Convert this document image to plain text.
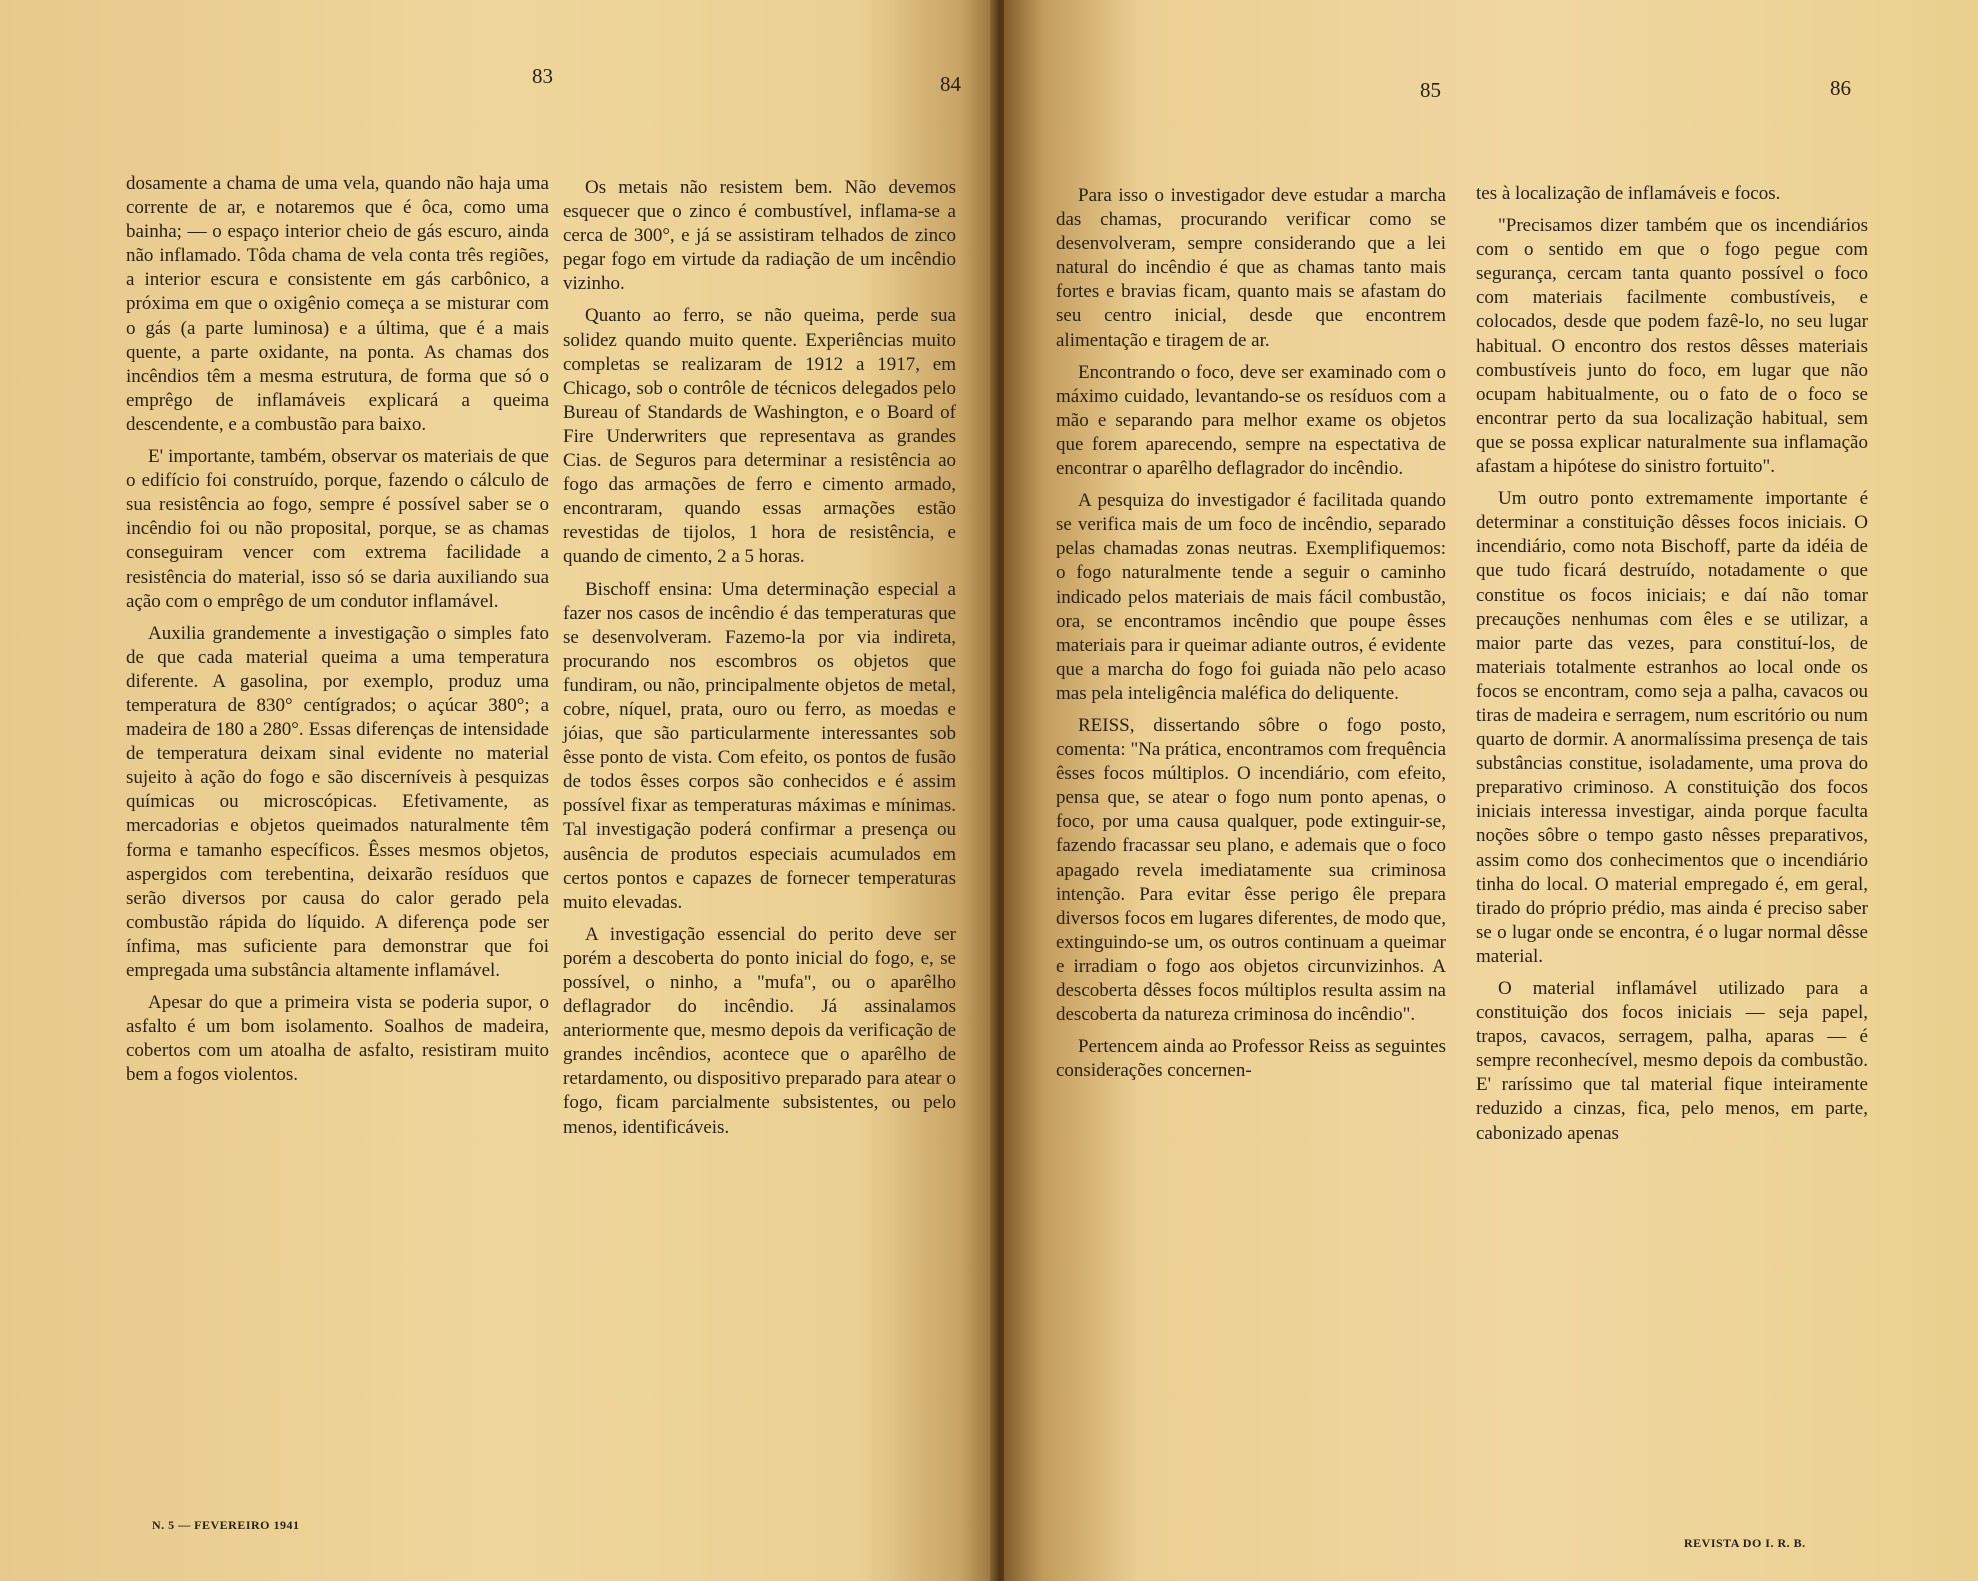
83	84

dosamente a chama de uma vela, quando não haja uma corrente de ar, e notaremos que é ôca, como uma bainha; — o espaço interior cheio de gás escuro, ainda não inflamado. Tôda chama de vela conta três regiões, a interior escura e consistente em gás carbônico, a próxima em que o oxigênio começa a se misturar com o gás (a parte luminosa) e a última, que é a mais quente, a parte oxidante, na ponta. As chamas dos incêndios têm a mesma estrutura, de forma que só o emprêgo de inflamáveis explicará a queima descendente, e a combustão para baixo.

E' importante, também, observar os materiais de que o edifício foi construído, porque, fazendo o cálculo de sua resistência ao fogo, sempre é possível saber se o incêndio foi ou não proposital, porque, se as chamas conseguiram vencer com extrema facilidade a resistência do material, isso só se daria auxiliando sua ação com o emprêgo de um condutor inflamável.

Auxilia grandemente a investigação o simples fato de que cada material queima a uma temperatura diferente. A gasolina, por exemplo, produz uma temperatura de 830° centígrados; o açúcar 380°; a madeira de 180 a 280°. Essas diferenças de intensidade de temperatura deixam sinal evidente no material sujeito à ação do fogo e são discerníveis à pesquizas químicas ou microscópicas. Efetivamente, as mercadorias e objetos queimados naturalmente têm forma e tamanho específicos. Êsses mesmos objetos, aspergidos com terebentina, deixarão resíduos que serão diversos por causa do calor gerado pela combustão rápida do líquido. A diferença pode ser ínfima, mas suficiente para demonstrar que foi empregada uma substância altamente inflamável.

Apesar do que a primeira vista se poderia supor, o asfalto é um bom isolamento. Soalhos de madeira, cobertos com um atoalha de asfalto, resistiram muito bem a fogos violentos.

Os metais não resistem bem. Não devemos esquecer que o zinco é combustível, inflama-se a cerca de 300°, e já se assistiram telhados de zinco pegar fogo em virtude da radiação de um incêndio vizinho.

Quanto ao ferro, se não queima, perde sua solidez quando muito quente. Experiências muito completas se realizaram de 1912 a 1917, em Chicago, sob o contrôle de técnicos delegados pelo Bureau of Standards de Washington, e o Board of Fire Underwriters que representava as grandes Cias. de Seguros para determinar a resistência ao fogo das armações de ferro e cimento armado, encontraram, quando essas armações estão revestidas de tijolos, 1 hora de resistência, e quando de cimento, 2 a 5 horas.

Bischoff ensina: Uma determinação especial a fazer nos casos de incêndio é das temperaturas que se desenvolveram. Fazemo-la por via indireta, procurando nos escombros os objetos que fundiram, ou não, principalmente objetos de metal, cobre, níquel, prata, ouro ou ferro, as moedas e jóias, que são particularmente interessantes sob êsse ponto de vista. Com efeito, os pontos de fusão de todos êsses corpos são conhecidos e é assim possível fixar as temperaturas máximas e mínimas. Tal investigação poderá confirmar a presença ou ausência de produtos especiais acumulados em certos pontos e capazes de fornecer temperaturas muito elevadas.

A investigação essencial do perito deve ser porém a descoberta do ponto inicial do fogo, e, se possível, o ninho, a "mufa", ou o aparêlho deflagrador do incêndio. Já assinalamos anteriormente que, mesmo depois da verificação de grandes incêndios, acontece que o aparêlho de retardamento, ou dispositivo preparado para atear o fogo, ficam parcialmente subsistentes, ou pelo menos, identificáveis.

N. 5 — FEVEREIRO 1941
85	86

Para isso o investigador deve estudar a marcha das chamas, procurando verificar como se desenvolveram, sempre considerando que a lei natural do incêndio é que as chamas tanto mais fortes e bravias ficam, quanto mais se afastam do seu centro inicial, desde que encontrem alimentação e tiragem de ar.

Encontrando o foco, deve ser examinado com o máximo cuidado, levantando-se os resíduos com a mão e separando para melhor exame os objetos que forem aparecendo, sempre na espectativa de encontrar o aparêlho deflagrador do incêndio.

A pesquiza do investigador é facilitada quando se verifica mais de um foco de incêndio, separado pelas chamadas zonas neutras. Exemplifiquemos: o fogo naturalmente tende a seguir o caminho indicado pelos materiais de mais fácil combustão, ora, se encontramos incêndio que poupe êsses materiais para ir queimar adiante outros, é evidente que a marcha do fogo foi guiada não pelo acaso mas pela inteligência maléfica do deliquente.

REISS, dissertando sôbre o fogo posto, comenta: "Na prática, encontramos com frequência êsses focos múltiplos. O incendiário, com efeito, pensa que, se atear o fogo num ponto apenas, o foco, por uma causa qualquer, pode extinguir-se, fazendo fracassar seu plano, e ademais que o foco apagado revela imediatamente sua criminosa intenção. Para evitar êsse perigo êle prepara diversos focos em lugares diferentes, de modo que, extinguindo-se um, os outros continuam a queimar e irradiam o fogo aos objetos circunvizinhos. A descoberta dêsses focos múltiplos resulta assim na descoberta da natureza criminosa do incêndio".

Pertencem ainda ao Professor Reiss as seguintes considerações concernen-

tes à localização de inflamáveis e focos.

"Precisamos dizer também que os incendiários com o sentido em que o fogo pegue com segurança, cercam tanta quanto possível o foco com materiais facilmente combustíveis, e colocados, desde que podem fazê-lo, no seu lugar habitual. O encontro dos restos dêsses materiais combustíveis junto do foco, em lugar que não ocupam habitualmente, ou o fato de o foco se encontrar perto da sua localização habitual, sem que se possa explicar naturalmente sua inflamação afastam a hipótese do sinistro fortuito".

Um outro ponto extremamente importante é determinar a constituição dêsses focos iniciais. O incendiário, como nota Bischoff, parte da idéia de que tudo ficará destruído, notadamente o que constitue os focos iniciais; e daí não tomar precauções nenhumas com êles e se utilizar, a maior parte das vezes, para constituí-los, de materiais totalmente estranhos ao local onde os focos se encontram, como seja a palha, cavacos ou tiras de madeira e serragem, num escritório ou num quarto de dormir. A anormalíssima presença de tais substâncias constitue, isoladamente, uma prova do preparativo criminoso. A constituição dos focos iniciais interessa investigar, ainda porque faculta noções sôbre o tempo gasto nêsses preparativos, assim como dos conhecimentos que o incendiário tinha do local. O material empregado é, em geral, tirado do próprio prédio, mas ainda é preciso saber se o lugar onde se encontra, é o lugar normal dêsse material.

O material inflamável utilizado para a constituição dos focos iniciais — seja papel, trapos, cavacos, serragem, palha, aparas — é sempre reconhecível, mesmo depois da combustão. E' raríssimo que tal material fique inteiramente reduzido a cinzas, fica, pelo menos, em parte, cabonizado apenas

REVISTA DO I. R. B.
